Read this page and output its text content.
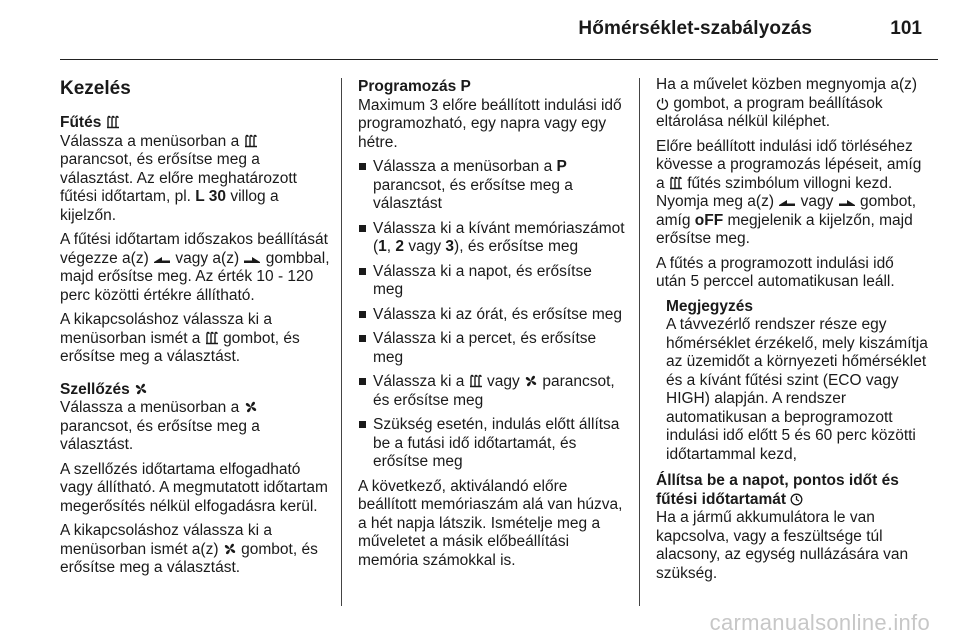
Hőmérséklet-szabályozás	101
Kezelés
Fűtés

Válassza a menüsorban a  parancsot, és erősítse meg a választást. Az előre meghatározott fűtési időtartam, pl. L 30 villog a kijelzőn.

A fűtési időtartam időszakos beállítását végezze a(z) vagy a(z) gombbal, majd erősítse meg. Az érték 10 - 120 perc közötti értékre állítható.

A kikapcsoláshoz válassza ki a menüsorban ismét a gombot, és erősítse meg a választást.

Szellőzés

Válassza a menüsorban a  parancsot, és erősítse meg a választást.

A szellőzés időtartama elfogadható vagy állítható. A megmutatott időtartam megerősítés nélkül elfogadásra kerül.

A kikapcsoláshoz válassza ki a menüsorban ismét a(z) gombot, és erősítse meg a választást.

Programozás P

Maximum 3 előre beállított indulási idő programozható, egy napra vagy egy hétre.

Válassza a menüsorban a P parancsot, és erősítse meg a választást
Válassza ki a kívánt memóriaszámot (1, 2 vagy 3), és erősítse meg
Válassza ki a napot, és erősítse meg
Válassza ki az órát, és erősítse meg
Válassza ki a percet, és erősítse meg
Válassza ki a vagy parancsot, és erősítse meg
Szükség esetén, indulás előtt állítsa be a futási idő időtartamát, és erősítse meg

A következő, aktiválandó előre beállított memóriaszám alá van húzva, a hét napja látszik. Ismételje meg a műveletet a másik előbeállítási memória számokkal is.

Ha a művelet közben megnyomja a(z)  gombot, a program beállítások eltárolása nélkül kiléphet.

Előre beállított indulási idő törléséhez kövesse a programozás lépéseit, amíg a fűtés szimbólum villogni kezd. Nyomja meg a(z) vagy gombot, amíg oFF megjelenik a kijelzőn, majd erősítse meg.

A fűtés a programozott indulási idő után 5 perccel automatikusan leáll.

Megjegyzés
A távvezérlő rendszer része egy hőmérséklet érzékelő, mely kiszámítja az üzemidőt a környezeti hőmérséklet és a kívánt fűtési szint (ECO vagy HIGH) alapján. A rendszer automatikusan a beprogramozott indulási idő előtt 5 és 60 perc közötti időtartammal kezd,
Állítsa be a napot, pontos időt és fűtési időtartamát

Ha a jármű akkumulátora le van kapcsolva, vagy a feszültsége túl alacsony, az egység nullázására van szükség.

carmanualsonline.info
